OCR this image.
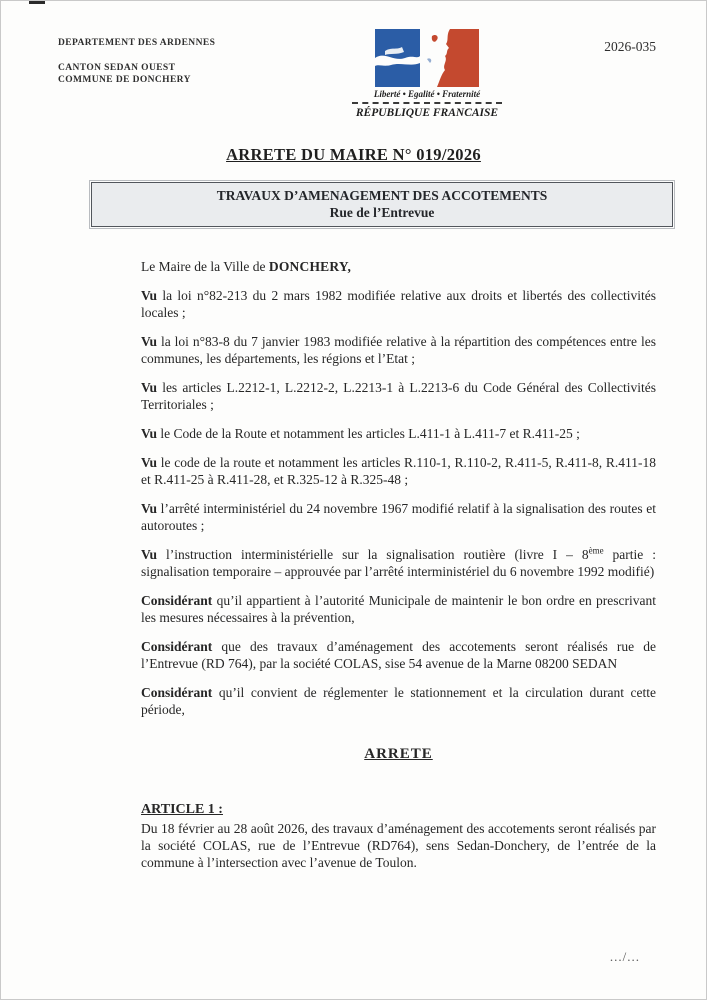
DEPARTEMENT DES ARDENNES
CANTON SEDAN OUEST
COMMUNE DE DONCHERY
Liberté • Egalité • Fraternité
RÉPUBLIQUE FRANCAISE
2026-035
ARRETE DU MAIRE N° 019/2026
TRAVAUX D’AMENAGEMENT DES ACCOTEMENTS
Rue de l’Entrevue

Le Maire de la Ville de DONCHERY,

Vu la loi n°82-213 du 2 mars 1982 modifiée relative aux droits et libertés des collectivités locales ;

Vu la loi n°83-8 du 7 janvier 1983 modifiée relative à la répartition des compétences entre les communes, les départements, les régions et l’Etat ;

Vu les articles L.2212-1, L.2212-2, L.2213-1 à L.2213-6 du Code Général des Collectivités Territoriales ;

Vu le Code de la Route et notamment les articles L.411-1 à L.411-7 et R.411-25 ;

Vu le code de la route et notamment les articles R.110-1, R.110-2, R.411-5, R.411-8, R.411-18 et R.411-25 à R.411-28, et R.325-12 à R.325-48 ;

Vu l’arrêté interministériel du 24 novembre 1967 modifié relatif à la signalisation des routes et autoroutes ;

Vu l’instruction interministérielle sur la signalisation routière (livre I – 8ème partie : signalisation temporaire – approuvée par l’arrêté interministériel du 6 novembre 1992 modifié)

Considérant qu’il appartient à l’autorité Municipale de maintenir le bon ordre en prescrivant les mesures nécessaires à la prévention,

Considérant que des travaux d’aménagement des accotements seront réalisés rue de l’Entrevue (RD 764), par la société COLAS, sise 54 avenue de la Marne 08200 SEDAN

Considérant qu’il convient de réglementer le stationnement et la circulation durant cette période,

ARRETE
ARTICLE 1 :

Du 18 février au 28 août 2026, des travaux d’aménagement des accotements seront réalisés par la société COLAS, rue de l’Entrevue (RD764), sens Sedan-Donchery, de l’entrée de la commune à l’intersection avec l’avenue de Toulon.

.../...
